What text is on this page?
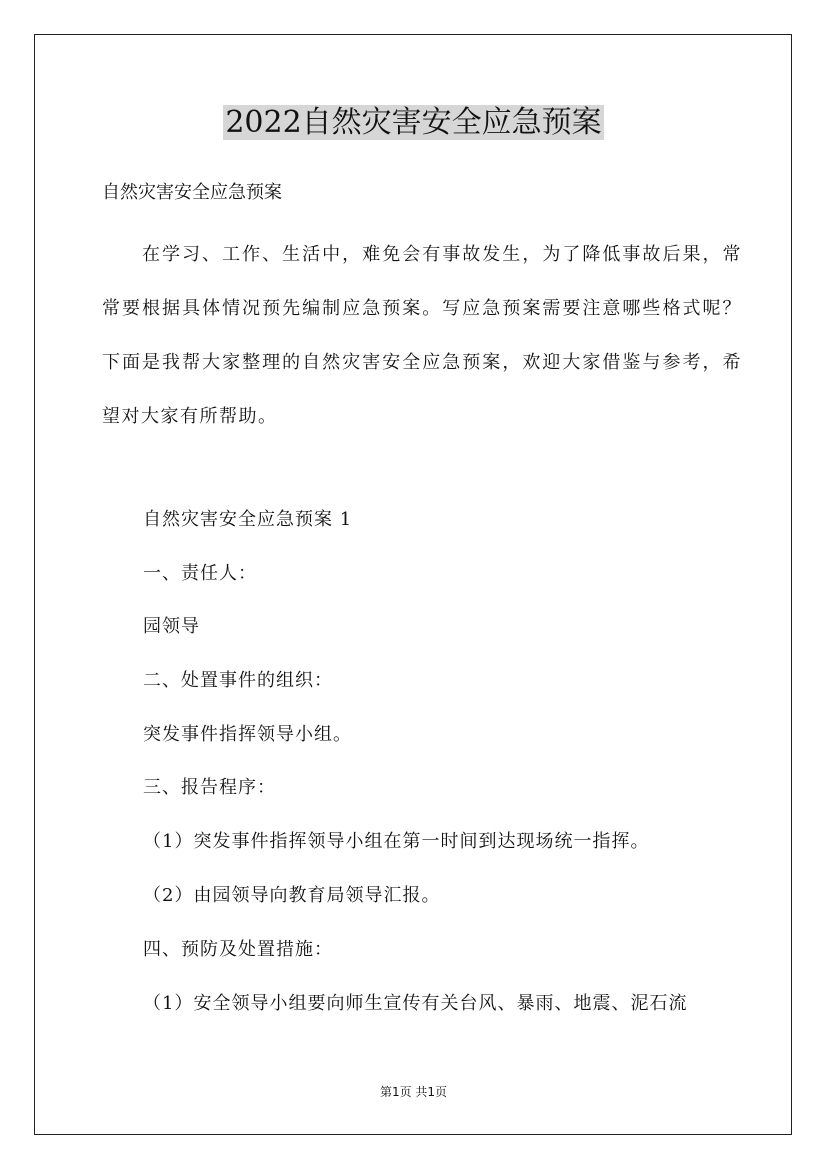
2022自然灾害安全应急预案

自然灾害安全应急预案

在学习、工作、生活中，难免会有事故发生，为了降低事故后果，常常要根据具体情况预先编制应急预案。写应急预案需要注意哪些格式呢？下面是我帮大家整理的自然灾害安全应急预案，欢迎大家借鉴与参考，希望对大家有所帮助。

自然灾害安全应急预案 1

一、责任人：

园领导

二、处置事件的组织：

突发事件指挥领导小组。

三、报告程序：

（1）突发事件指挥领导小组在第一时间到达现场统一指挥。

（2）由园领导向教育局领导汇报。

四、预防及处置措施：

（1）安全领导小组要向师生宣传有关台风、暴雨、地震、泥石流

第1页 共1页
